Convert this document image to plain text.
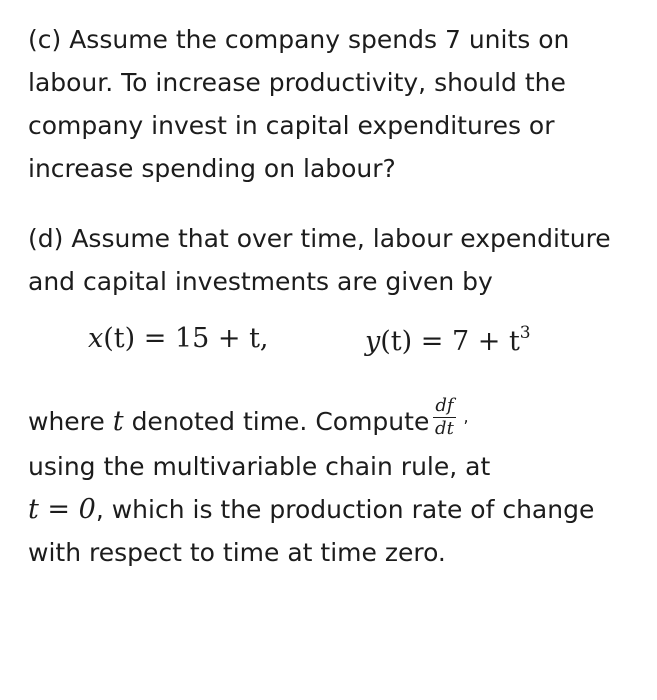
(c) Assume the company spends 7 units on labour. To increase productivity, should the company invest in capital expenditures or increase spending on labour?

(d) Assume that over time, labour expenditure and capital investments are given by

x(t) = 15 + t,	$y(t) = 7 + t^3$

where t denoted time. Compute $\frac{df}{dt} ^,$
using the multivariable chain rule, at
t = 0, which is the production rate of change with respect to time at time zero.
